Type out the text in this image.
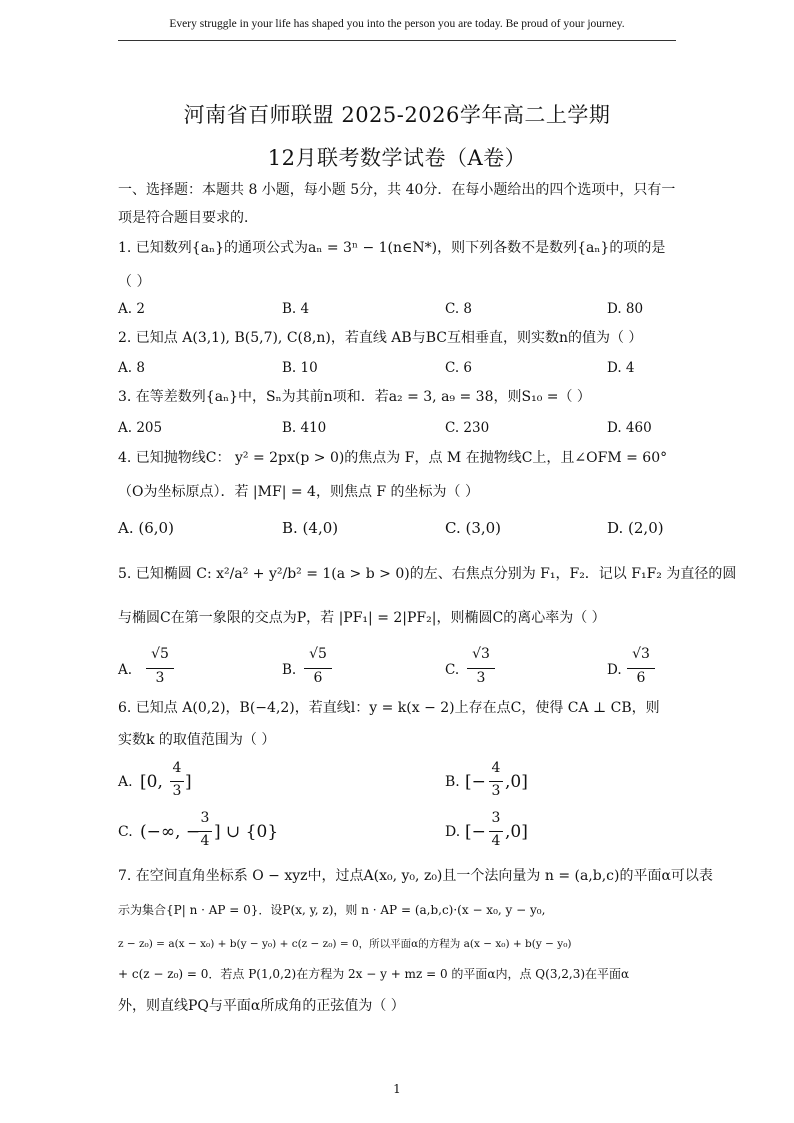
Every struggle in your life has shaped you into the person you are today. Be proud of your journey.
河南省百师联盟 2025-2026学年高二上学期
12月联考数学试卷（A卷）
一、选择题：本题共 8 小题，每小题 5分，共 40分．在每小题给出的四个选项中，只有一
项是符合题目要求的．
1. 已知数列{aₙ}的通项公式为aₙ = 3ⁿ − 1(n∈N*)，则下列各数不是数列{aₙ}的项的是
（ ）
A. 2	B. 4	C. 8	D. 80
2. 已知点 A(3,1), B(5,7), C(8,n)，若直线 AB与BC互相垂直，则实数n的值为（ ）
A. 8	B. 10	C. 6	D. 4
3. 在等差数列{aₙ}中，Sₙ为其前n项和．若a₂ = 3, a₉ = 38，则S₁₀ =（ ）
A. 205	B. 410	C. 230	D. 460
4. 已知抛物线C： y² = 2px(p > 0)的焦点为 F，点 M 在抛物线C上，且∠OFM = 60°
（O为坐标原点）．若 |MF| = 4，则焦点 F 的坐标为（ ）
A. (6,0)	B. (4,0)	C. (3,0)	D. (2,0)
5. 已知椭圆 C: x²/a² + y²/b² = 1(a > b > 0)的左、右焦点分别为 F₁，F₂．记以 F₁F₂ 为直径的圆
与椭圆C在第一象限的交点为P，若 |PF₁| = 2|PF₂|，则椭圆C的离心率为（ ）
A.
√5
3	B.
√5
6	C.
√3
3	D.
√3
6
6. 已知点 A(0,2)，B(−4,2)，若直线l：y = k(x − 2)上存在点C，使得 CA ⊥ CB，则
实数k 的取值范围为（ ）
A. [0,
4
3 ]	B. [−
4
3 ,0]
C. (−∞, −
3
4 ] ∪ {0}	D. [−
3
4 ,0]
7. 在空间直角坐标系 O − xyz中，过点A(x₀, y₀, z₀)且一个法向量为 n = (a,b,c)的平面α可以表
示为集合{P| n · AP = 0}．设P(x, y, z)，则 n · AP = (a,b,c)·(x − x₀, y − y₀,
z − z₀) = a(x − x₀) + b(y − y₀) + c(z − z₀) = 0，所以平面α的方程为 a(x − x₀) + b(y − y₀)
+ c(z − z₀) = 0．若点 P(1,0,2)在方程为 2x − y + mz = 0 的平面α内，点 Q(3,2,3)在平面α
外，则直线PQ与平面α所成角的正弦值为（ ）
1
